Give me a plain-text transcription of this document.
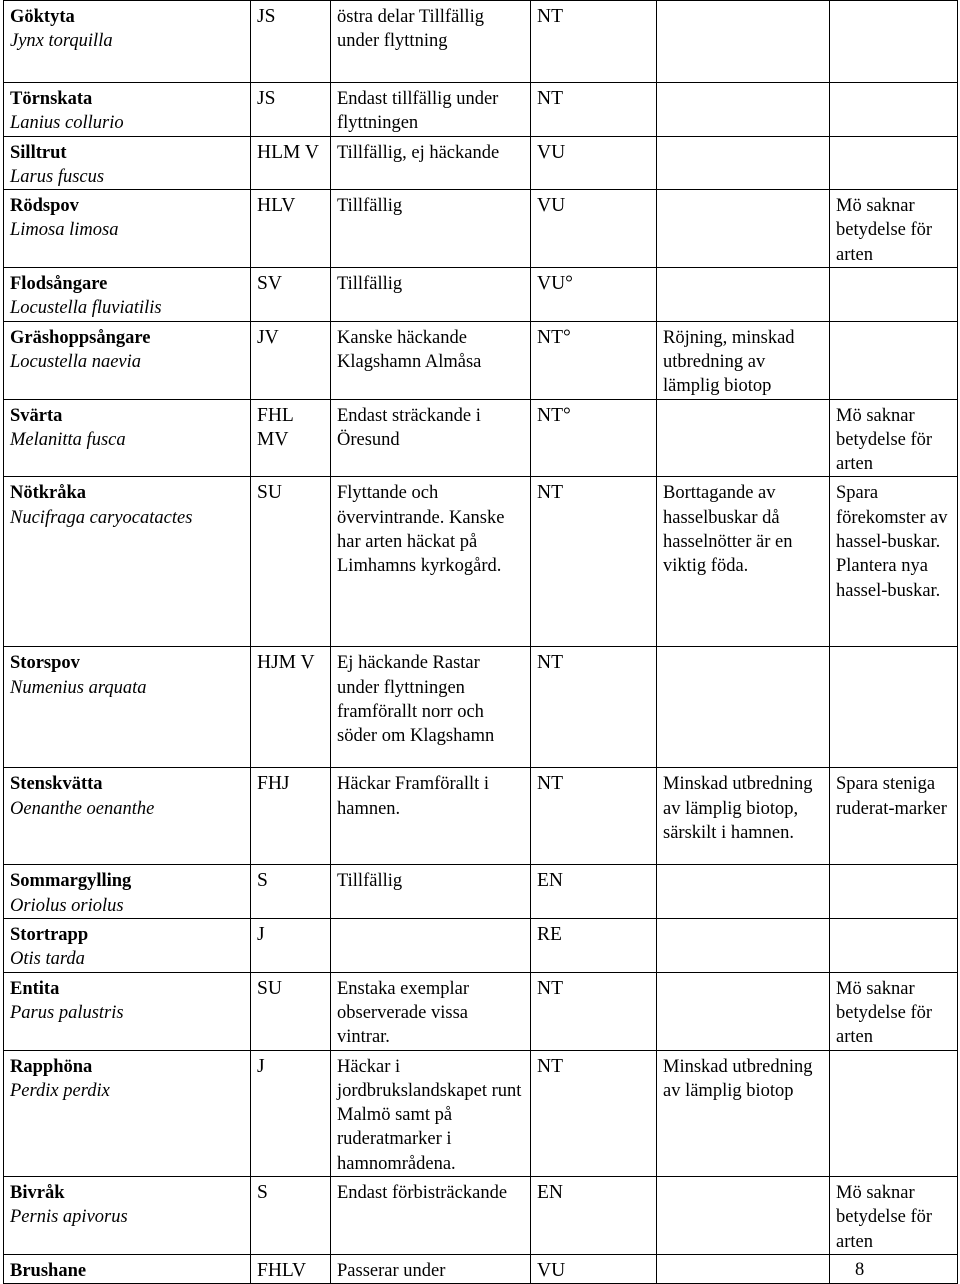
Göktyta
Jynx torquilla	JS	östra delar Tillfällig under flyttning	NT		

Törnskata
Lanius collurio	JS	Endast tillfällig under flyttningen	NT		

Silltrut
Larus fuscus	HLM V	Tillfällig, ej häckande	VU		

Rödspov
Limosa limosa	HLV	Tillfällig	VU		Mö saknar betydelse för arten

Flodsångare
Locustella fluviatilis	SV	Tillfällig	VU°		

Gräshoppsångare
Locustella naevia	JV	Kanske häckande Klagshamn Almåsa	NT°	Röjning, minskad utbredning av lämplig biotop	

Svärta
Melanitta fusca	FHL MV	Endast sträckande i Öresund	NT°		Mö saknar betydelse för arten

Nötkråka
Nucifraga caryocatactes	SU	Flyttande och övervintrande. Kanske har arten häckat på Limhamns kyrkogård.	NT	Borttagande av hasselbuskar då hasselnötter är en viktig föda.	Spara förekomster av hassel-buskar. Plantera nya hassel-buskar.

Storspov
Numenius arquata	HJM V	Ej häckande Rastar under flyttningen framförallt norr och söder om Klagshamn	NT		

Stenskvätta
Oenanthe oenanthe	FHJ	Häckar Framförallt i hamnen.	NT	Minskad utbredning av lämplig biotop, särskilt i hamnen.	Spara steniga ruderat-marker

Sommargylling
Oriolus oriolus	S	Tillfällig	EN		

Stortrapp
Otis tarda	J		RE		

Entita
Parus palustris	SU	Enstaka exemplar observerade vissa vintrar.	NT		Mö saknar betydelse för arten

Rapphöna
Perdix perdix	J	Häckar i jordbrukslandskapet runt Malmö samt på ruderatmarker i hamnområdena.	NT	Minskad utbredning av lämplig biotop	

Bivråk
Pernis apivorus	S	Endast förbisträckande	EN		Mö saknar betydelse för arten

Brushane	FHLV	Passerar under	VU			8
